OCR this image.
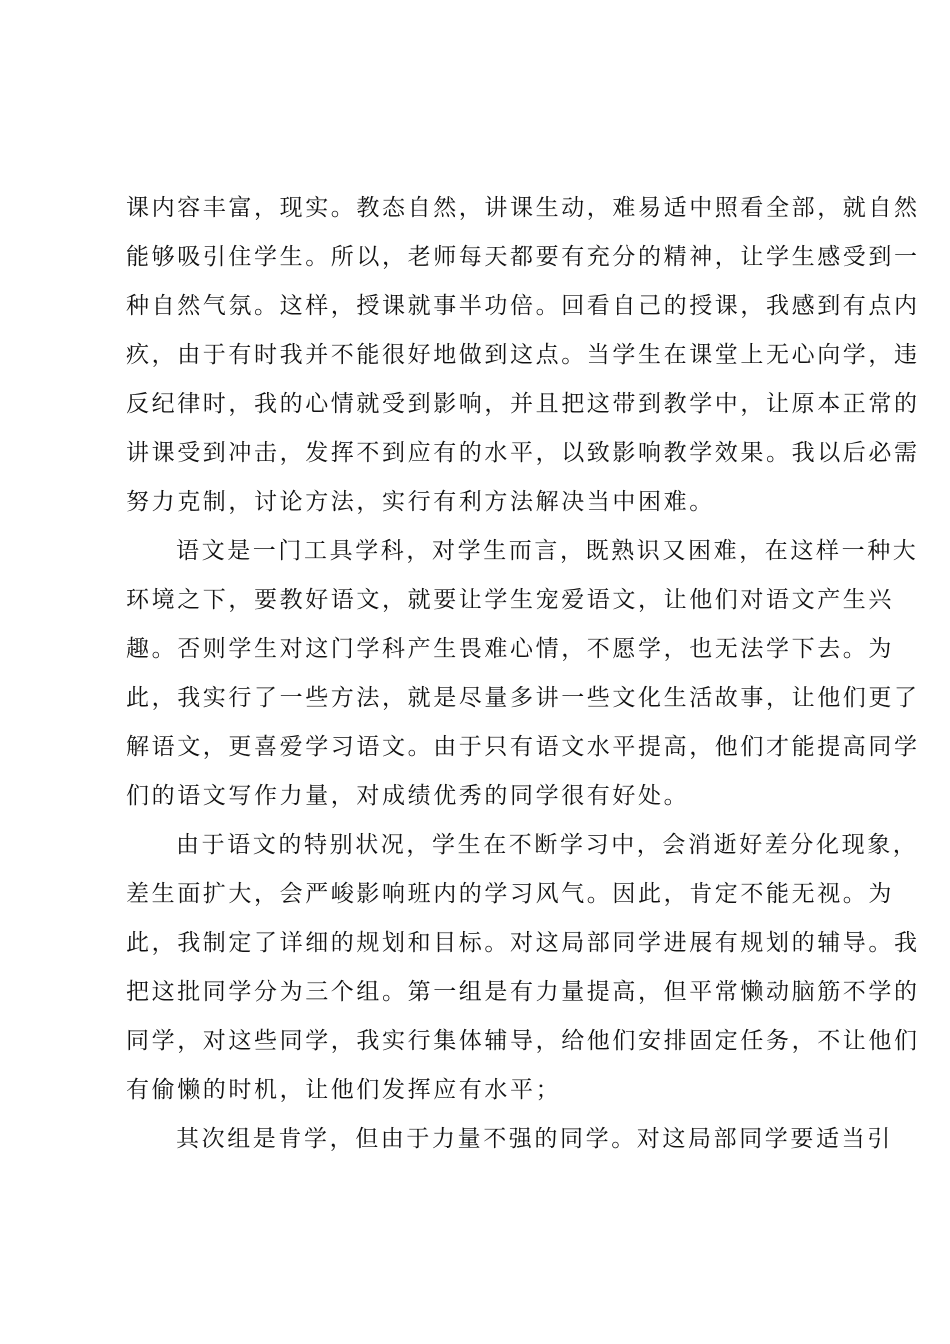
课内容丰富，现实。教态自然，讲课生动，难易适中照看全部，就自然
能够吸引住学生。所以，老师每天都要有充分的精神，让学生感受到一
种自然气氛。这样，授课就事半功倍。回看自己的授课，我感到有点内
疚，由于有时我并不能很好地做到这点。当学生在课堂上无心向学，违
反纪律时，我的心情就受到影响，并且把这带到教学中，让原本正常的
讲课受到冲击，发挥不到应有的水平，以致影响教学效果。我以后必需
努力克制，讨论方法，实行有利方法解决当中困难。
语文是一门工具学科，对学生而言，既熟识又困难，在这样一种大
环境之下，要教好语文，就要让学生宠爱语文，让他们对语文产生兴
趣。否则学生对这门学科产生畏难心情，不愿学，也无法学下去。为
此，我实行了一些方法，就是尽量多讲一些文化生活故事，让他们更了
解语文，更喜爱学习语文。由于只有语文水平提高，他们才能提高同学
们的语文写作力量，对成绩优秀的同学很有好处。
由于语文的特别状况，学生在不断学习中，会消逝好差分化现象，
差生面扩大，会严峻影响班内的学习风气。因此，肯定不能无视。为
此，我制定了详细的规划和目标。对这局部同学进展有规划的辅导。我
把这批同学分为三个组。第一组是有力量提高，但平常懒动脑筋不学的
同学，对这些同学，我实行集体辅导，给他们安排固定任务，不让他们
有偷懒的时机，让他们发挥应有水平；
其次组是肯学，但由于力量不强的同学。对这局部同学要适当引
